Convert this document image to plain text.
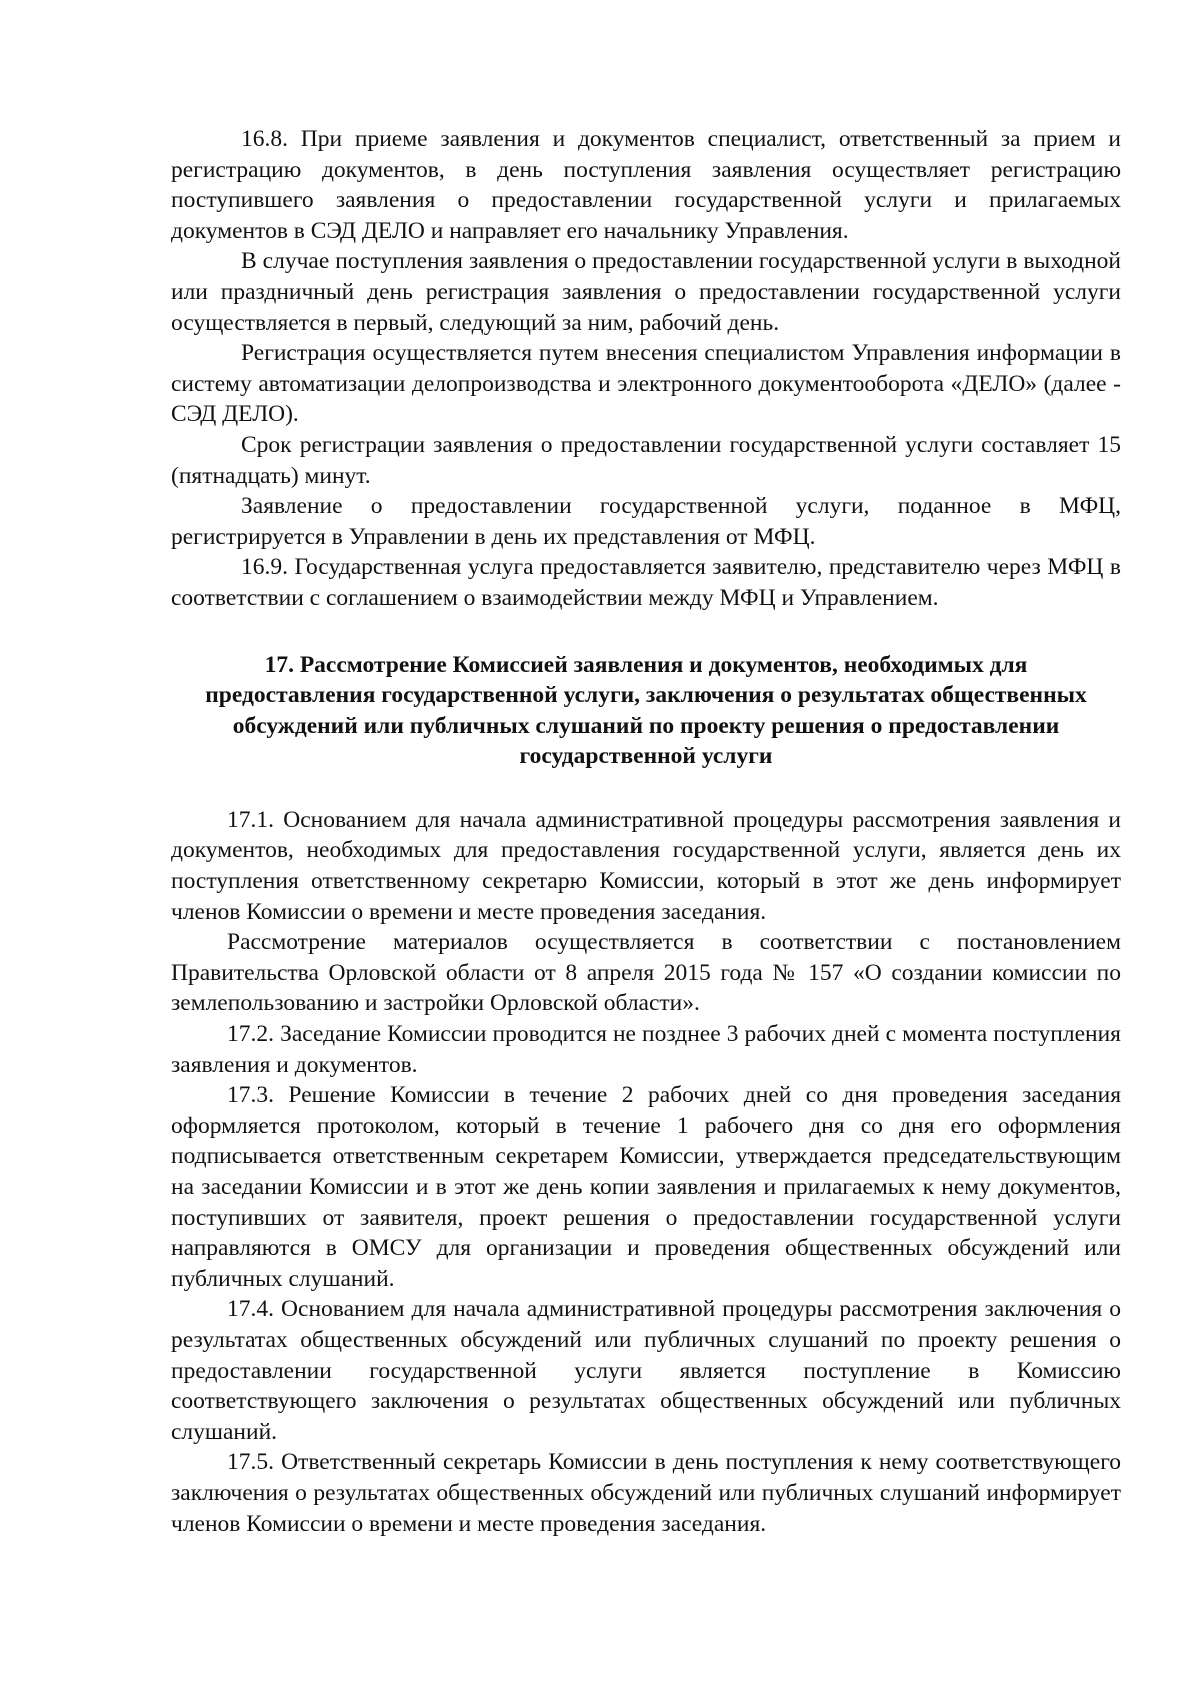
16.8. При приеме заявления и документов специалист, ответственный за прием и регистрацию документов, в день поступления заявления осуществляет регистрацию поступившего заявления о предоставлении государственной услуги и прилагаемых документов в СЭД ДЕЛО и направляет его начальнику Управления.

В случае поступления заявления о предоставлении государственной услуги в выходной или праздничный день регистрация заявления о предоставлении государственной услуги осуществляется в первый, следующий за ним, рабочий день.

Регистрация осуществляется путем внесения специалистом Управления информации в систему автоматизации делопроизводства и электронного документооборота «ДЕЛО» (далее - СЭД ДЕЛО).

Срок регистрации заявления о предоставлении государственной услуги составляет 15 (пятнадцать) минут.

Заявление о предоставлении государственной услуги, поданное в МФЦ, регистрируется в Управлении в день их представления от МФЦ.

16.9. Государственная услуга предоставляется заявителю, представителю через МФЦ в соответствии с соглашением о взаимодействии между МФЦ и Управлением.

17. Рассмотрение Комиссией заявления и документов, необходимых для предоставления государственной услуги, заключения о результатах общественных обсуждений или публичных слушаний по проекту решения о предоставлении государственной услуги

17.1. Основанием для начала административной процедуры рассмотрения заявления и документов, необходимых для предоставления государственной услуги, является день их поступления ответственному секретарю Комиссии, который в этот же день информирует членов Комиссии о времени и месте проведения заседания.

Рассмотрение материалов осуществляется в соответствии с постановлением Правительства Орловской области от 8 апреля 2015 года № 157 «О создании комиссии по землепользованию и застройки Орловской области».

17.2. Заседание Комиссии проводится не позднее 3 рабочих дней с момента поступления заявления и документов.

17.3. Решение Комиссии в течение 2 рабочих дней со дня проведения заседания оформляется протоколом, который в течение 1 рабочего дня со дня его оформления подписывается ответственным секретарем Комиссии, утверждается председательствующим на заседании Комиссии и в этот же день копии заявления и прилагаемых к нему документов, поступивших от заявителя, проект решения о предоставлении государственной услуги направляются в ОМСУ для организации и проведения общественных обсуждений или публичных слушаний.

17.4. Основанием для начала административной процедуры рассмотрения заключения о результатах общественных обсуждений или публичных слушаний по проекту решения о предоставлении государственной услуги является поступление в Комиссию соответствующего заключения о результатах общественных обсуждений или публичных слушаний.

17.5. Ответственный секретарь Комиссии в день поступления к нему соответствующего заключения о результатах общественных обсуждений или публичных слушаний информирует членов Комиссии о времени и месте проведения заседания.
